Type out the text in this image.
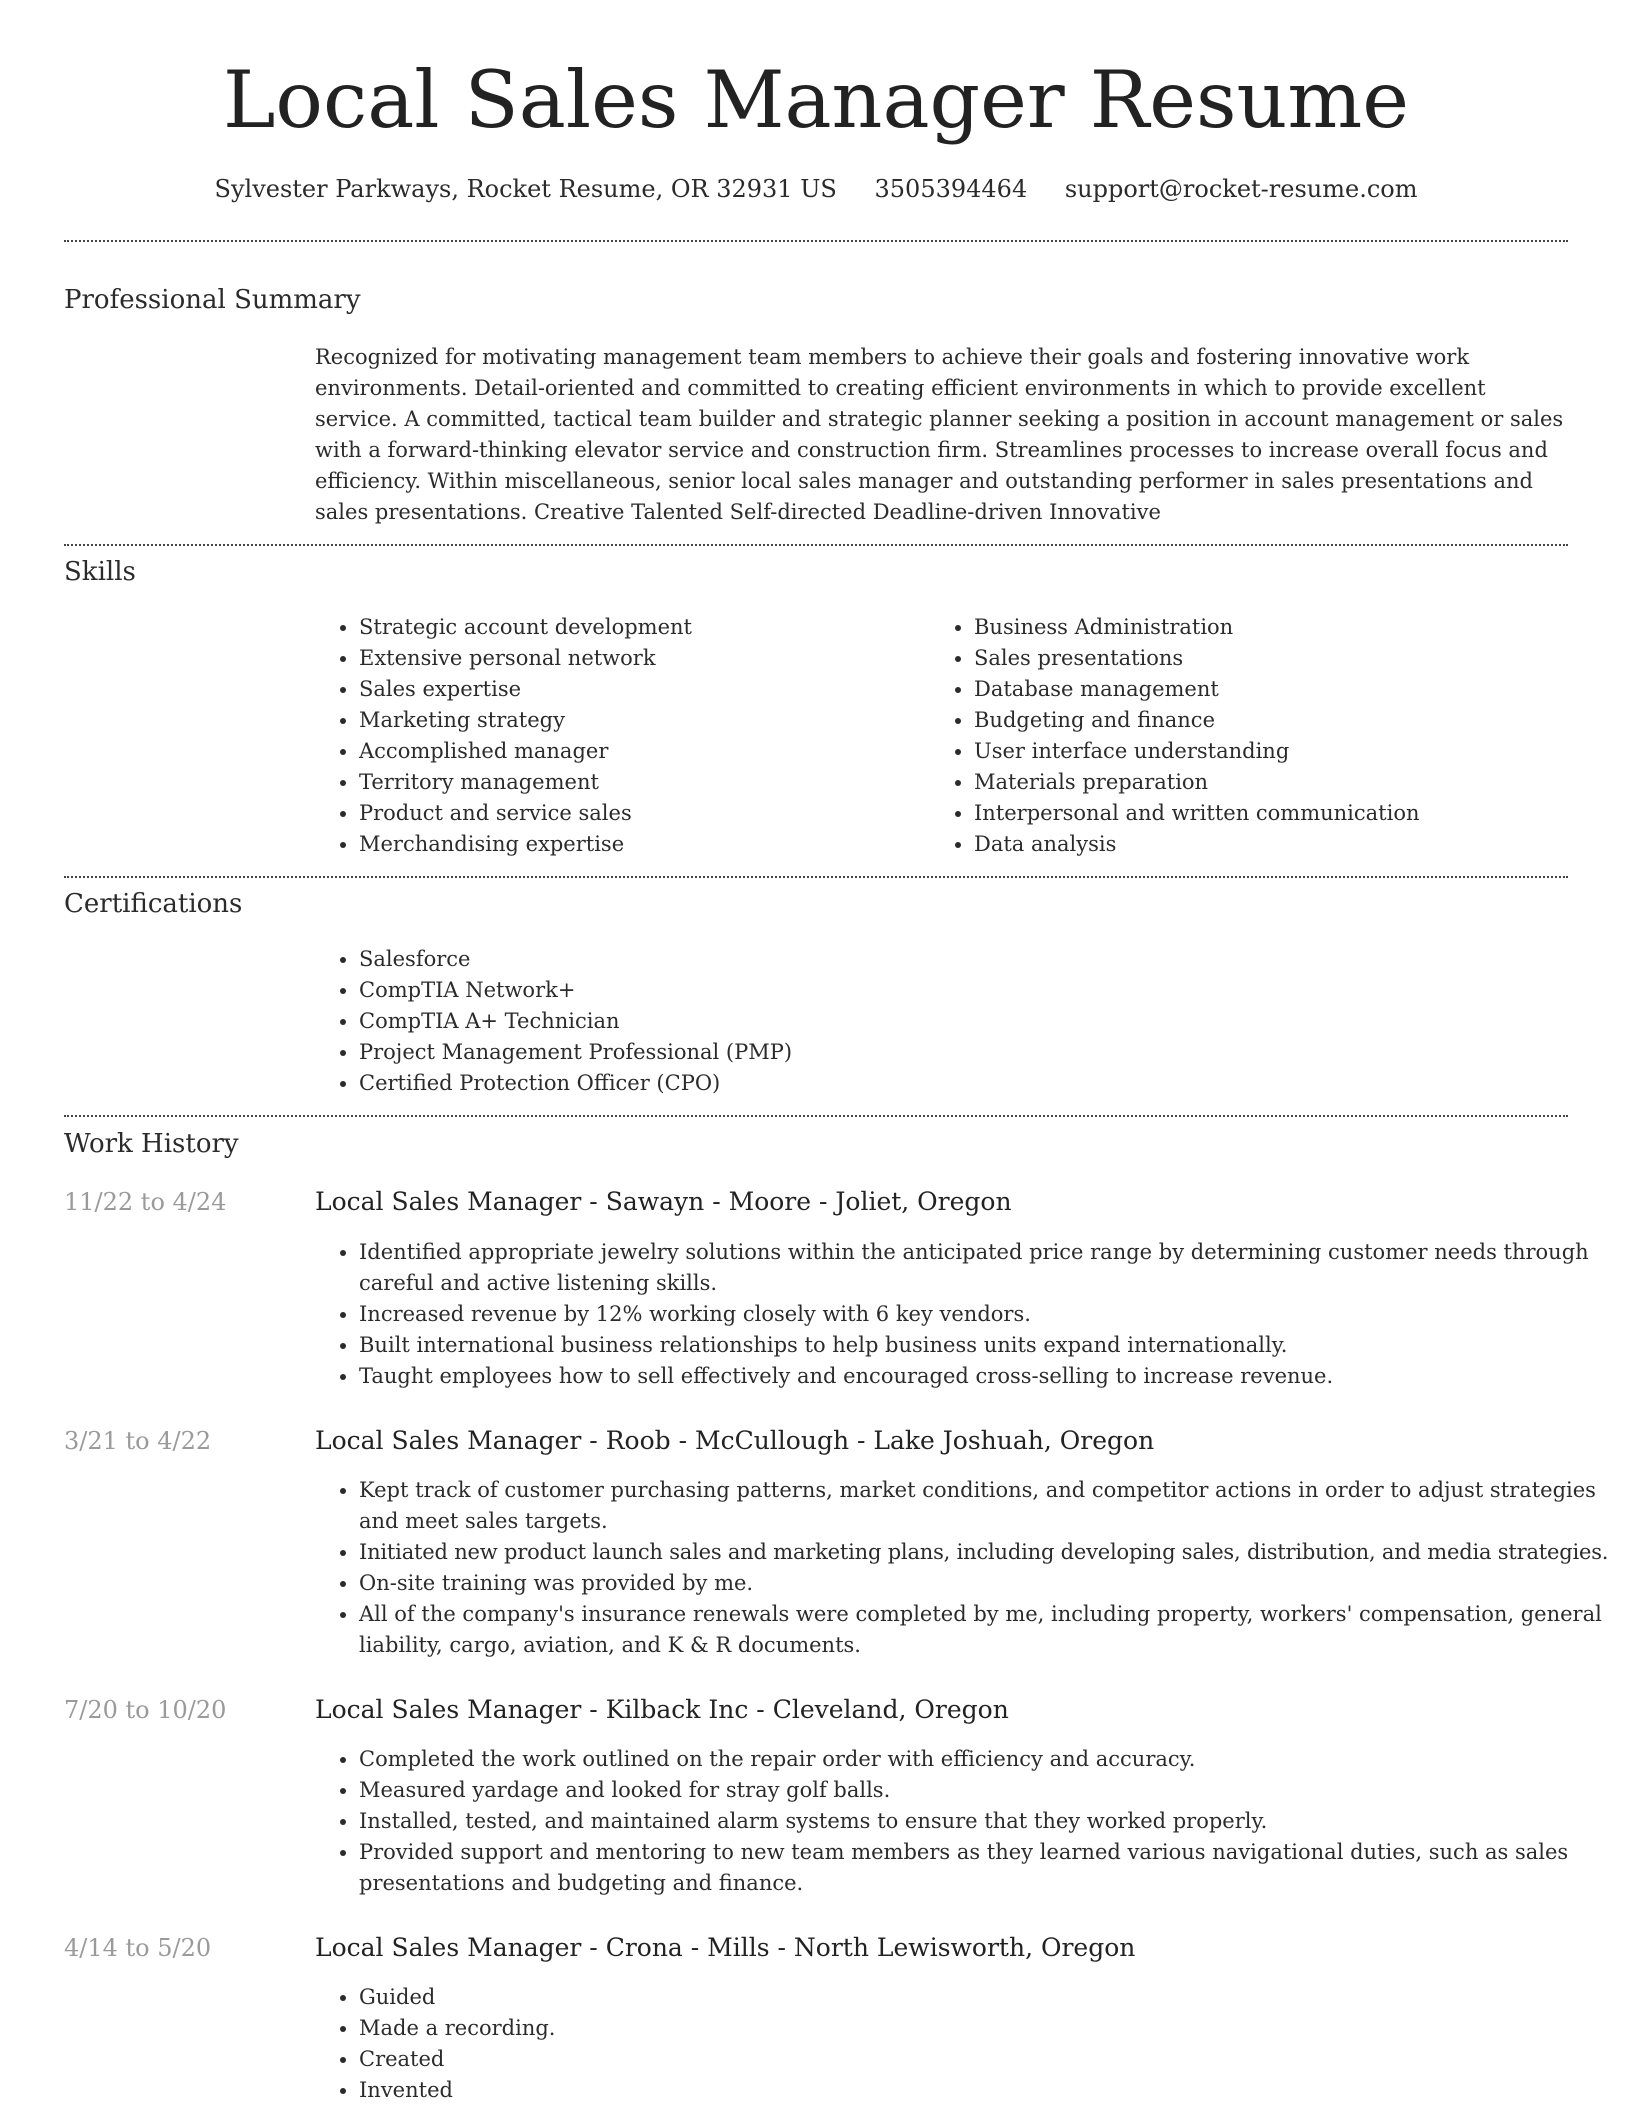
Local Sales Manager Resume
Sylvester Parkways, Rocket Resume, OR 32931 US 3505394464 support@rocket-resume.com
Professional Summary

Recognized for motivating management team members to achieve their goals and fostering innovative work environments. Detail-oriented and committed to creating efficient environments in which to provide excellent service. A committed, tactical team builder and strategic planner seeking a position in account management or sales with a forward-thinking elevator service and construction firm. Streamlines processes to increase overall focus and efficiency. Within miscellaneous, senior local sales manager and outstanding performer in sales presentations and sales presentations. Creative Talented Self-directed Deadline-driven Innovative

Skills
• Strategic account development
• Extensive personal network
• Sales expertise
• Marketing strategy
• Accomplished manager
• Territory management
• Product and service sales
• Merchandising expertise
• Business Administration
• Sales presentations
• Database management
• Budgeting and finance
• User interface understanding
• Materials preparation
• Interpersonal and written communication
• Data analysis
Certifications
• Salesforce
• CompTIA Network+
• CompTIA A+ Technician
• Project Management Professional (PMP)
• Certified Protection Officer (CPO)
Work History
11/22 to 4/24	Local Sales Manager - Sawayn - Moore - Joliet, Oregon
• Identified appropriate jewelry solutions within the anticipated price range by determining customer needs through careful and active listening skills.
• Increased revenue by 12% working closely with 6 key vendors.
• Built international business relationships to help business units expand internationally.
• Taught employees how to sell effectively and encouraged cross-selling to increase revenue.
3/21 to 4/22	Local Sales Manager - Roob - McCullough - Lake Joshuah, Oregon
• Kept track of customer purchasing patterns, market conditions, and competitor actions in order to adjust strategies and meet sales targets.
• Initiated new product launch sales and marketing plans, including developing sales, distribution, and media strategies.
• On-site training was provided by me.
• All of the company's insurance renewals were completed by me, including property, workers' compensation, general liability, cargo, aviation, and K & R documents.
7/20 to 10/20	Local Sales Manager - Kilback Inc - Cleveland, Oregon
• Completed the work outlined on the repair order with efficiency and accuracy.
• Measured yardage and looked for stray golf balls.
• Installed, tested, and maintained alarm systems to ensure that they worked properly.
• Provided support and mentoring to new team members as they learned various navigational duties, such as sales presentations and budgeting and finance.
4/14 to 5/20	Local Sales Manager - Crona - Mills - North Lewisworth, Oregon
• Guided
• Made a recording.
• Created
• Invented
